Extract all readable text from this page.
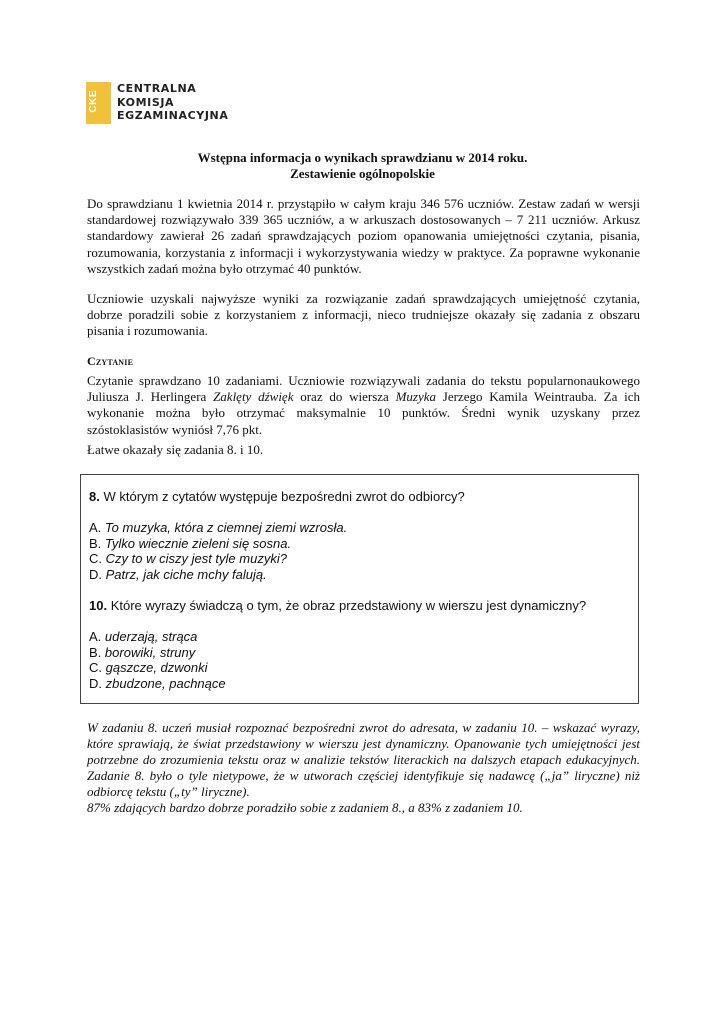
CKE
CENTRALNA
KOMISJA
EGZAMINACYJNA
Wstępna informacja o wynikach sprawdzianu w 2014 roku.
Zestawienie ogólnopolskie

Do sprawdzianu 1 kwietnia 2014 r. przystąpiło w całym kraju 346 576 uczniów. Zestaw zadań w wersji standardowej rozwiązywało 339 365 uczniów, a w arkuszach dostosowanych – 7 211 uczniów. Arkusz standardowy zawierał 26 zadań sprawdzających poziom opanowania umiejętności czytania, pisania, rozumowania, korzystania z informacji i wykorzystywania wiedzy w praktyce. Za poprawne wykonanie wszystkich zadań można było otrzymać 40 punktów.

Uczniowie uzyskali najwyższe wyniki za rozwiązanie zadań sprawdzających umiejętność czytania, dobrze poradzili sobie z korzystaniem z informacji, nieco trudniejsze okazały się zadania z obszaru pisania i rozumowania.

Czytanie

Czytanie sprawdzano 10 zadaniami. Uczniowie rozwiązywali zadania do tekstu popularnonaukowego Juliusza J. Herlingera Zaklęty dźwięk oraz do wiersza Muzyka Jerzego Kamila Weintrauba. Za ich wykonanie można było otrzymać maksymalnie 10 punktów. Średni wynik uzyskany przez szóstoklasistów wyniósł 7,76 pkt.

Łatwe okazały się zadania 8. i 10.

8. W którym z cytatów występuje bezpośredni zwrot do odbiorcy?
A. To muzyka, która z ciemnej ziemi wzrosła.
B. Tylko wiecznie zieleni się sosna.
C. Czy to w ciszy jest tyle muzyki?
D. Patrz, jak ciche mchy falują.
10. Które wyrazy świadczą o tym, że obraz przedstawiony w wierszu jest dynamiczny?
A. uderzają, strąca
B. borowiki, struny
C. gąszcze, dzwonki
D. zbudzone, pachnące
W zadaniu 8. uczeń musiał rozpoznać bezpośredni zwrot do adresata, w zadaniu 10. – wskazać wyrazy, które sprawiają, że świat przedstawiony w wierszu jest dynamiczny. Opanowanie tych umiejętności jest potrzebne do zrozumienia tekstu oraz w analizie tekstów literackich na dalszych etapach edukacyjnych. Zadanie 8. było o tyle nietypowe, że w utworach częściej identyfikuje się nadawcę („ja” liryczne) niż odbiorcę tekstu („ty” liryczne).
87% zdających bardzo dobrze poradziło sobie z zadaniem 8., a 83% z zadaniem 10.
